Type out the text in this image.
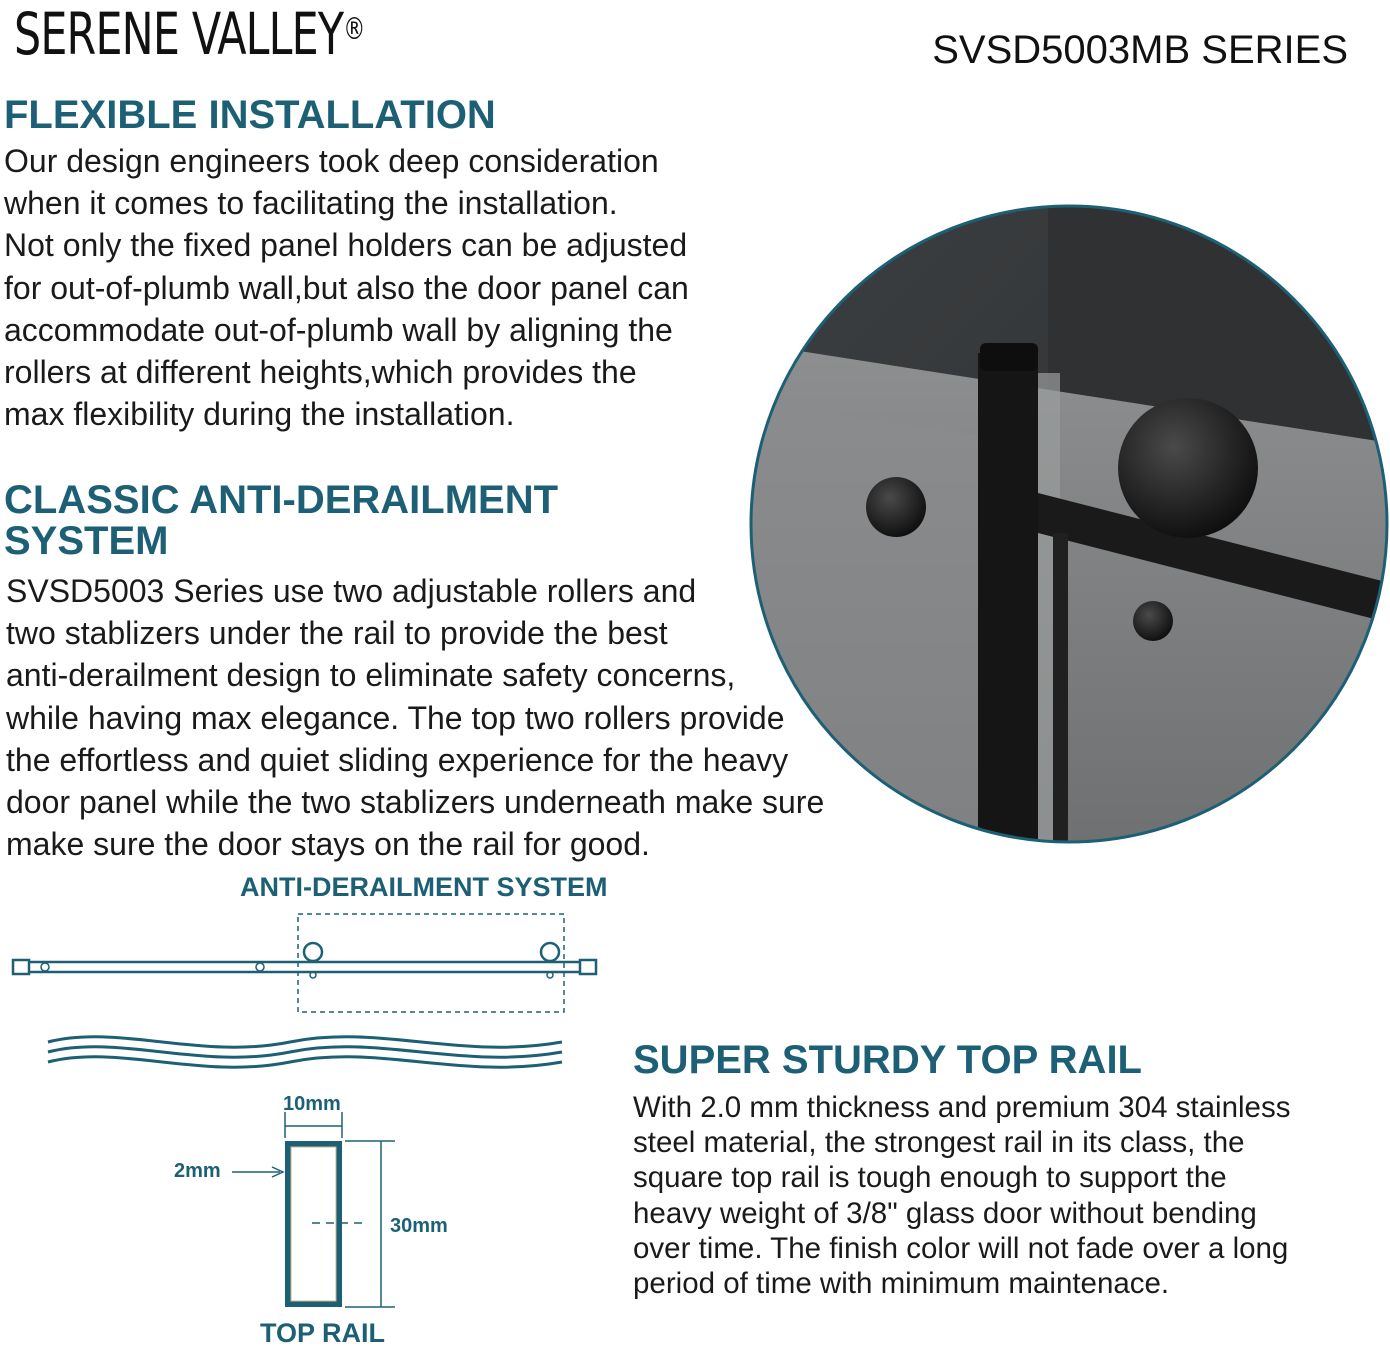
SERENE VALLEY®	SVSD5003MB SERIES
FLEXIBLE INSTALLATION
Our design engineers took deep consideration
when it comes to facilitating the installation.
Not only the fixed panel holders can be adjusted
for out-of-plumb wall,but also the door panel can
accommodate out-of-plumb wall by aligning the
rollers at different heights,which provides the
max flexibility during the installation.
CLASSIC ANTI-DERAILMENT
SYSTEM
SVSD5003 Series use two adjustable rollers and
two stablizers under the rail to provide the best
anti-derailment design to eliminate safety concerns,
while having max elegance. The top two rollers provide
the effortless and quiet sliding experience for the heavy
door panel while the two stablizers underneath make sure
make sure the door stays on the rail for good.
ANTI-DERAILMENT SYSTEM
10mm
2mm
30mm
TOP RAIL
SUPER STURDY TOP RAIL
With 2.0 mm thickness and premium 304 stainless
steel material, the strongest rail in its class, the
square top rail is tough enough to support the
heavy weight of 3/8" glass door without bending
over time. The finish color will not fade over a long
period of time with minimum maintenace.
